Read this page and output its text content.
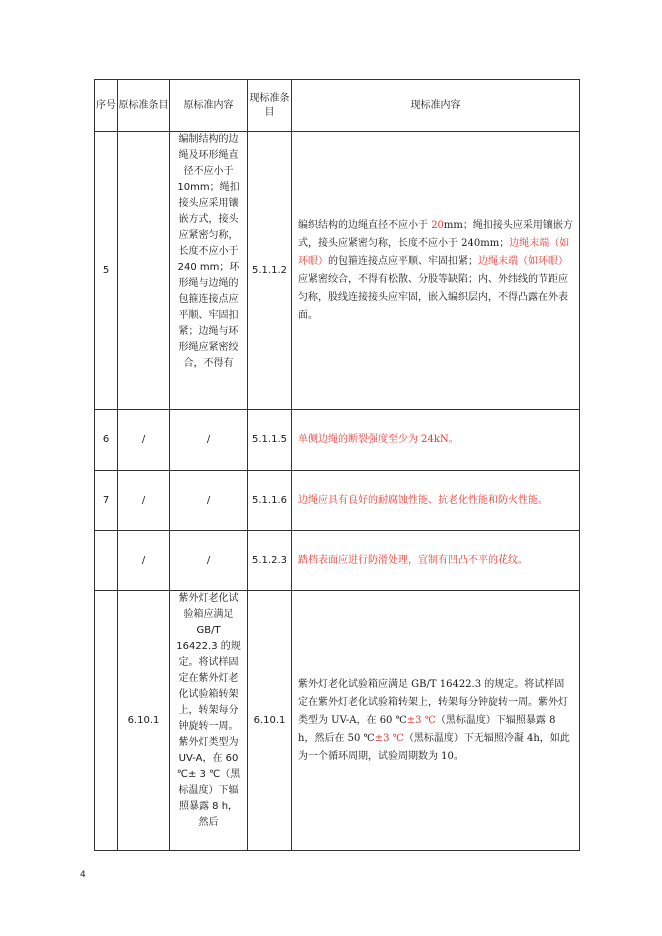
序号	原标准条目	原标准内容	现标准条目	现标准内容
5		编制结构的边绳及环形绳直径不应小于 10mm；绳扣接头应采用镶嵌方式，接头应紧密匀称，长度不应小于 240 mm；环形绳与边绳的包箍连接点应平顺、牢固扣紧；边绳与环形绳应紧密绞合，不得有	5.1.1.2	编织结构的边绳直径不应小于 20mm；绳扣接头应采用镶嵌方式，接头应紧密匀称，长度不应小于 240mm；边绳末端（如环眼）的包箍连接点应平顺、牢固扣紧；边绳末端（如环眼）应紧密绞合，不得有松散、分股等缺陷；内、外纬线的节距应匀称，股线连接接头应牢固，嵌入编织层内，不得凸露在外表面。

6	/	/	5.1.1.5	单侧边绳的断裂强度至少为 24kN。

7	/	/	5.1.1.6	边绳应具有良好的耐腐蚀性能、抗老化性能和防火性能。

	/	/	5.1.2.3	踏档表面应进行防滑处理，宜制有凹凸不平的花纹。

	6.10.1	紫外灯老化试验箱应满足 GB/T 16422.3 的规定。将试样固定在紫外灯老化试验箱转架上，转架每分钟旋转一周。紫外灯类型为UV-A，在 60 ℃± 3 ℃（黑标温度）下辐照暴露 8 h，然后	6.10.1	紫外灯老化试验箱应满足 GB/T 16422.3 的规定。将试样固定在紫外灯老化试验箱转架上，转架每分钟旋转一周。紫外灯类型为 UV-A，在 60 ℃±3 ℃（黑标温度）下辐照暴露 8 h，然后在 50 ℃±3 ℃（黑标温度）下无辐照冷凝 4h，如此为一个循环周期，试验周期数为 10。
4
